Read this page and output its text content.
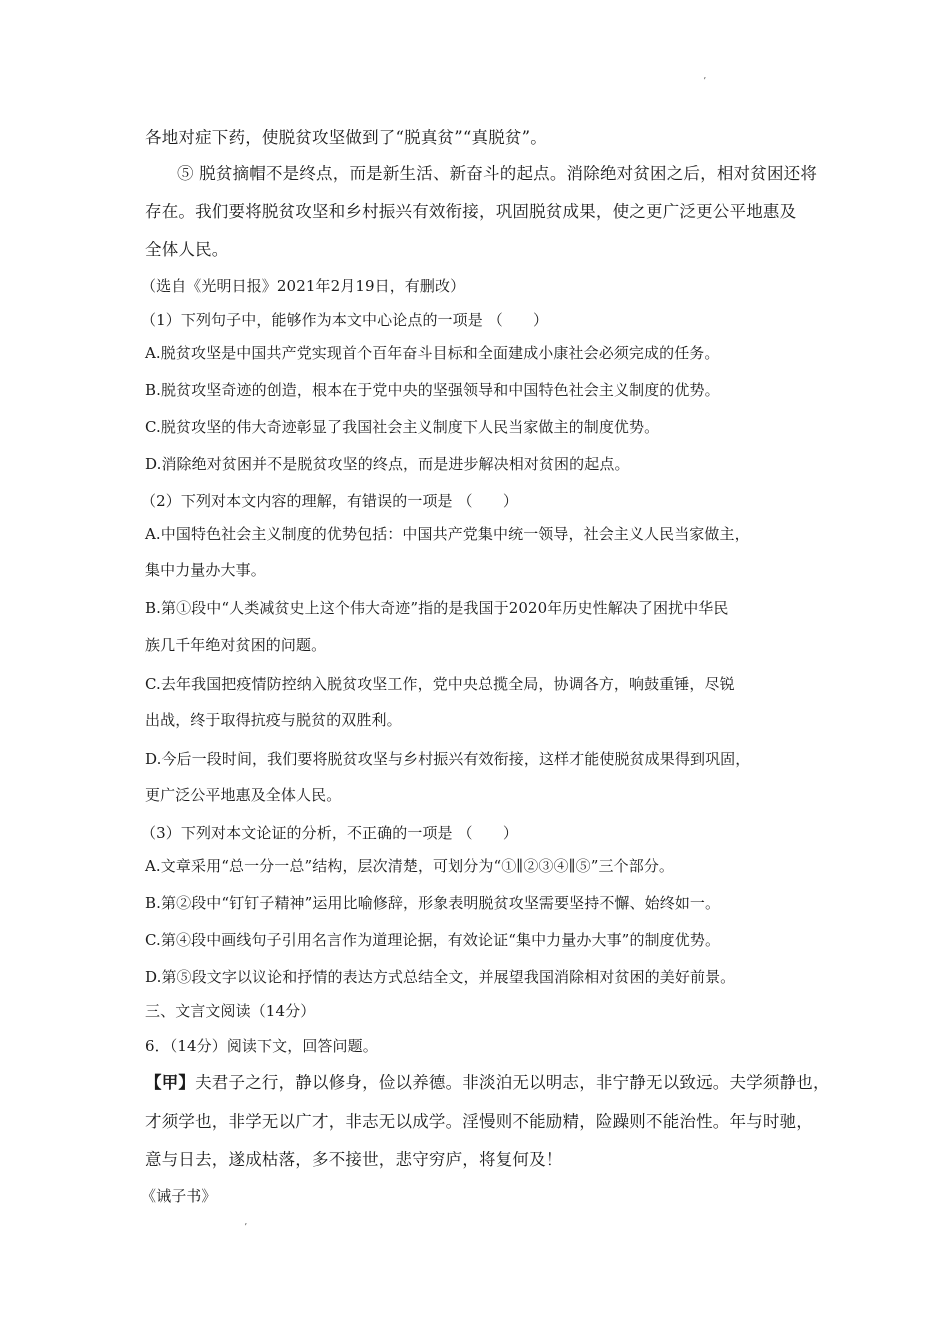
ʼ
各地对症下药，使脱贫攻坚做到了“脱真贫”“真脱贫”。
⑤ 脱贫摘帽不是终点，而是新生活、新奋斗的起点。消除绝对贫困之后，相对贫困还将
存在。我们要将脱贫攻坚和乡村振兴有效衔接，巩固脱贫成果，使之更广泛更公平地惠及
全体人民。
（选自《光明日报》2021年2月19日，有删改）
（1）下列句子中，能够作为本文中心论点的一项是 （　　）
A.脱贫攻坚是中国共产党实现首个百年奋斗目标和全面建成小康社会必须完成的任务。
B.脱贫攻坚奇迹的创造，根本在于党中央的坚强领导和中国特色社会主义制度的优势。
C.脱贫攻坚的伟大奇迹彰显了我国社会主义制度下人民当家做主的制度优势。
D.消除绝对贫困并不是脱贫攻坚的终点，而是进步解决相对贫困的起点。
（2）下列对本文内容的理解，有错误的一项是 （　　）
A.中国特色社会主义制度的优势包括：中国共产党集中统一领导，社会主义人民当家做主，
集中力量办大事。
B.第①段中“人类减贫史上这个伟大奇迹”指的是我国于2020年历史性解决了困扰中华民
族几千年绝对贫困的问题。
C.去年我国把疫情防控纳入脱贫攻坚工作，党中央总揽全局，协调各方，响鼓重锤，尽锐
出战，终于取得抗疫与脱贫的双胜利。
D.今后一段时间，我们要将脱贫攻坚与乡村振兴有效衔接，这样才能使脱贫成果得到巩固，
更广泛公平地惠及全体人民。
（3）下列对本文论证的分析，不正确的一项是 （　　）
A.文章采用“总一分一总”结构，层次清楚，可划分为“①∥②③④∥⑤”三个部分。
B.第②段中“钉钉子精神”运用比喻修辞，形象表明脱贫攻坚需要坚持不懈、始终如一。
C.第④段中画线句子引用名言作为道理论据，有效论证“集中力量办大事”的制度优势。
D.第⑤段文字以议论和抒情的表达方式总结全文，并展望我国消除相对贫困的美好前景。
三、文言文阅读（14分）
6．（14分）阅读下文，回答问题。
【甲】夫君子之行，静以修身，俭以养德。非淡泊无以明志，非宁静无以致远。夫学须静也，
才须学也，非学无以广才，非志无以成学。淫慢则不能励精，险躁则不能治性。年与时驰，
意与日去，遂成枯落，多不接世，悲守穷庐，将复何及！
《诫子书》
ʼ
